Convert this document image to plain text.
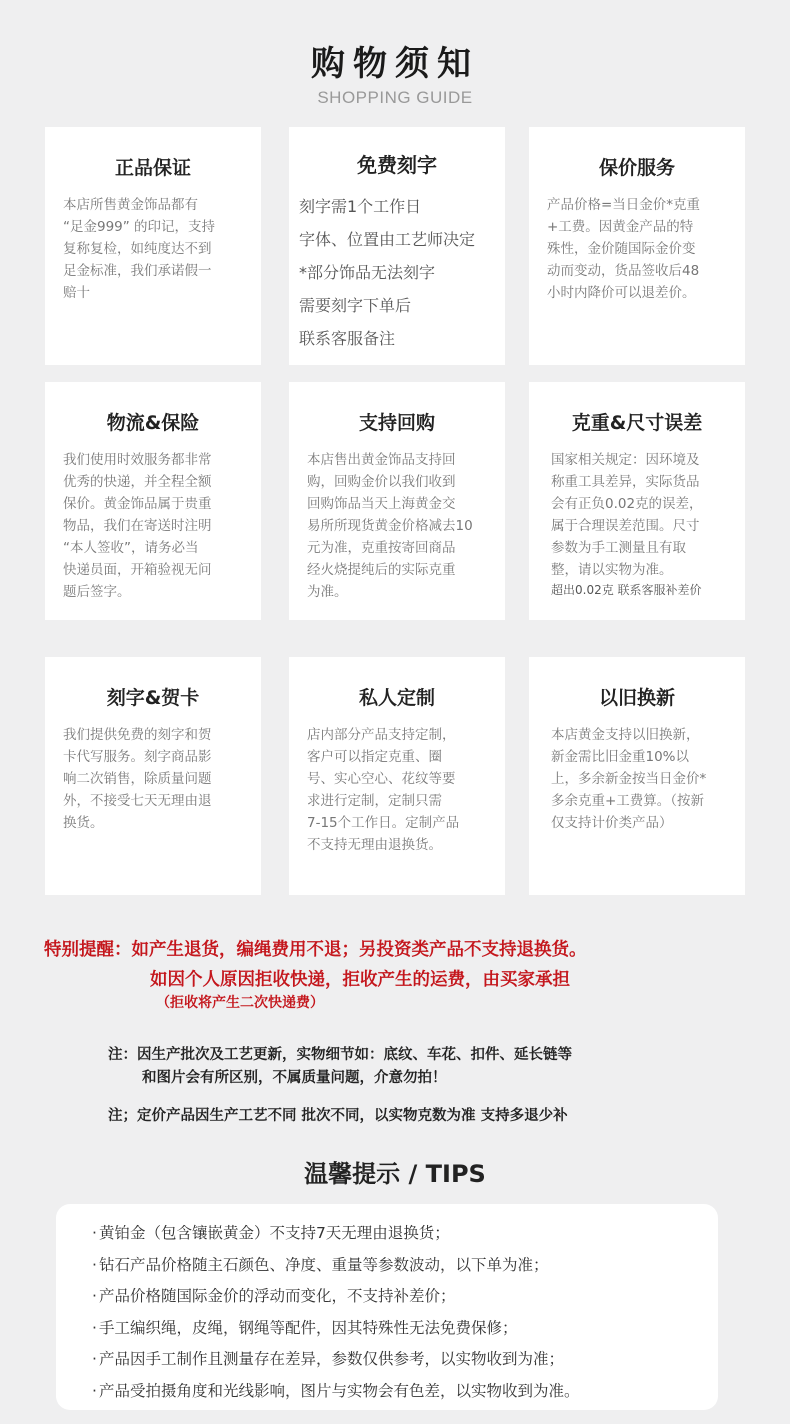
购物须知
SHOPPING GUIDE
正品保证
本店所售黄金饰品都有
“足金999” 的印记，支持
复称复检，如纯度达不到
足金标准，我们承诺假一
赔十
免费刻字
刻字需1个工作日
字体、位置由工艺师决定
*部分饰品无法刻字
需要刻字下单后
联系客服备注
保价服务
产品价格=当日金价*克重
+工费。因黄金产品的特
殊性，金价随国际金价变
动而变动，货品签收后48
小时内降价可以退差价。
物流&保险
我们使用时效服务都非常
优秀的快递，并全程全额
保价。黄金饰品属于贵重
物品，我们在寄送时注明
“本人签收”，请务必当
快递员面，开箱验视无问
题后签字。
支持回购
本店售出黄金饰品支持回
购，回购金价以我们收到
回购饰品当天上海黄金交
易所所现货黄金价格减去10
元为准，克重按寄回商品
经火烧提纯后的实际克重
为准。
克重&尺寸误差
国家相关规定：因环境及
称重工具差异，实际货品
会有正负0.02克的误差，
属于合理误差范围。尺寸
参数为手工测量且有取
整，请以实物为准。
超出0.02克 联系客服补差价
刻字&贺卡
我们提供免费的刻字和贺
卡代写服务。刻字商品影
响二次销售，除质量问题
外，不接受七天无理由退
换货。
私人定制
店内部分产品支持定制，
客户可以指定克重、圈
号、实心空心、花纹等要
求进行定制，定制只需
7-15个工作日。定制产品
不支持无理由退换货。
以旧换新
本店黄金支持以旧换新，
新金需比旧金重10%以
上，多余新金按当日金价*
多余克重+工费算。（按新
仅支持计价类产品）
特别提醒：如产生退货，编绳费用不退；另投资类产品不支持退换货。
如因个人原因拒收快递，拒收产生的运费，由买家承担
（拒收将产生二次快递费）
注：因生产批次及工艺更新，实物细节如：底纹、车花、扣件、延长链等
和图片会有所区别，不属质量问题，介意勿拍！
注；定价产品因生产工艺不同 批次不同，以实物克数为准 支持多退少补
温馨提示 / TIPS
· 黄铂金（包含镶嵌黄金）不支持7天无理由退换货；
· 钻石产品价格随主石颜色、净度、重量等参数波动，以下单为准；
· 产品价格随国际金价的浮动而变化，不支持补差价；
· 手工编织绳，皮绳，钢绳等配件，因其特殊性无法免费保修；
· 产品因手工制作且测量存在差异，参数仅供参考，以实物收到为准；
· 产品受拍摄角度和光线影响，图片与实物会有色差，以实物收到为准。
